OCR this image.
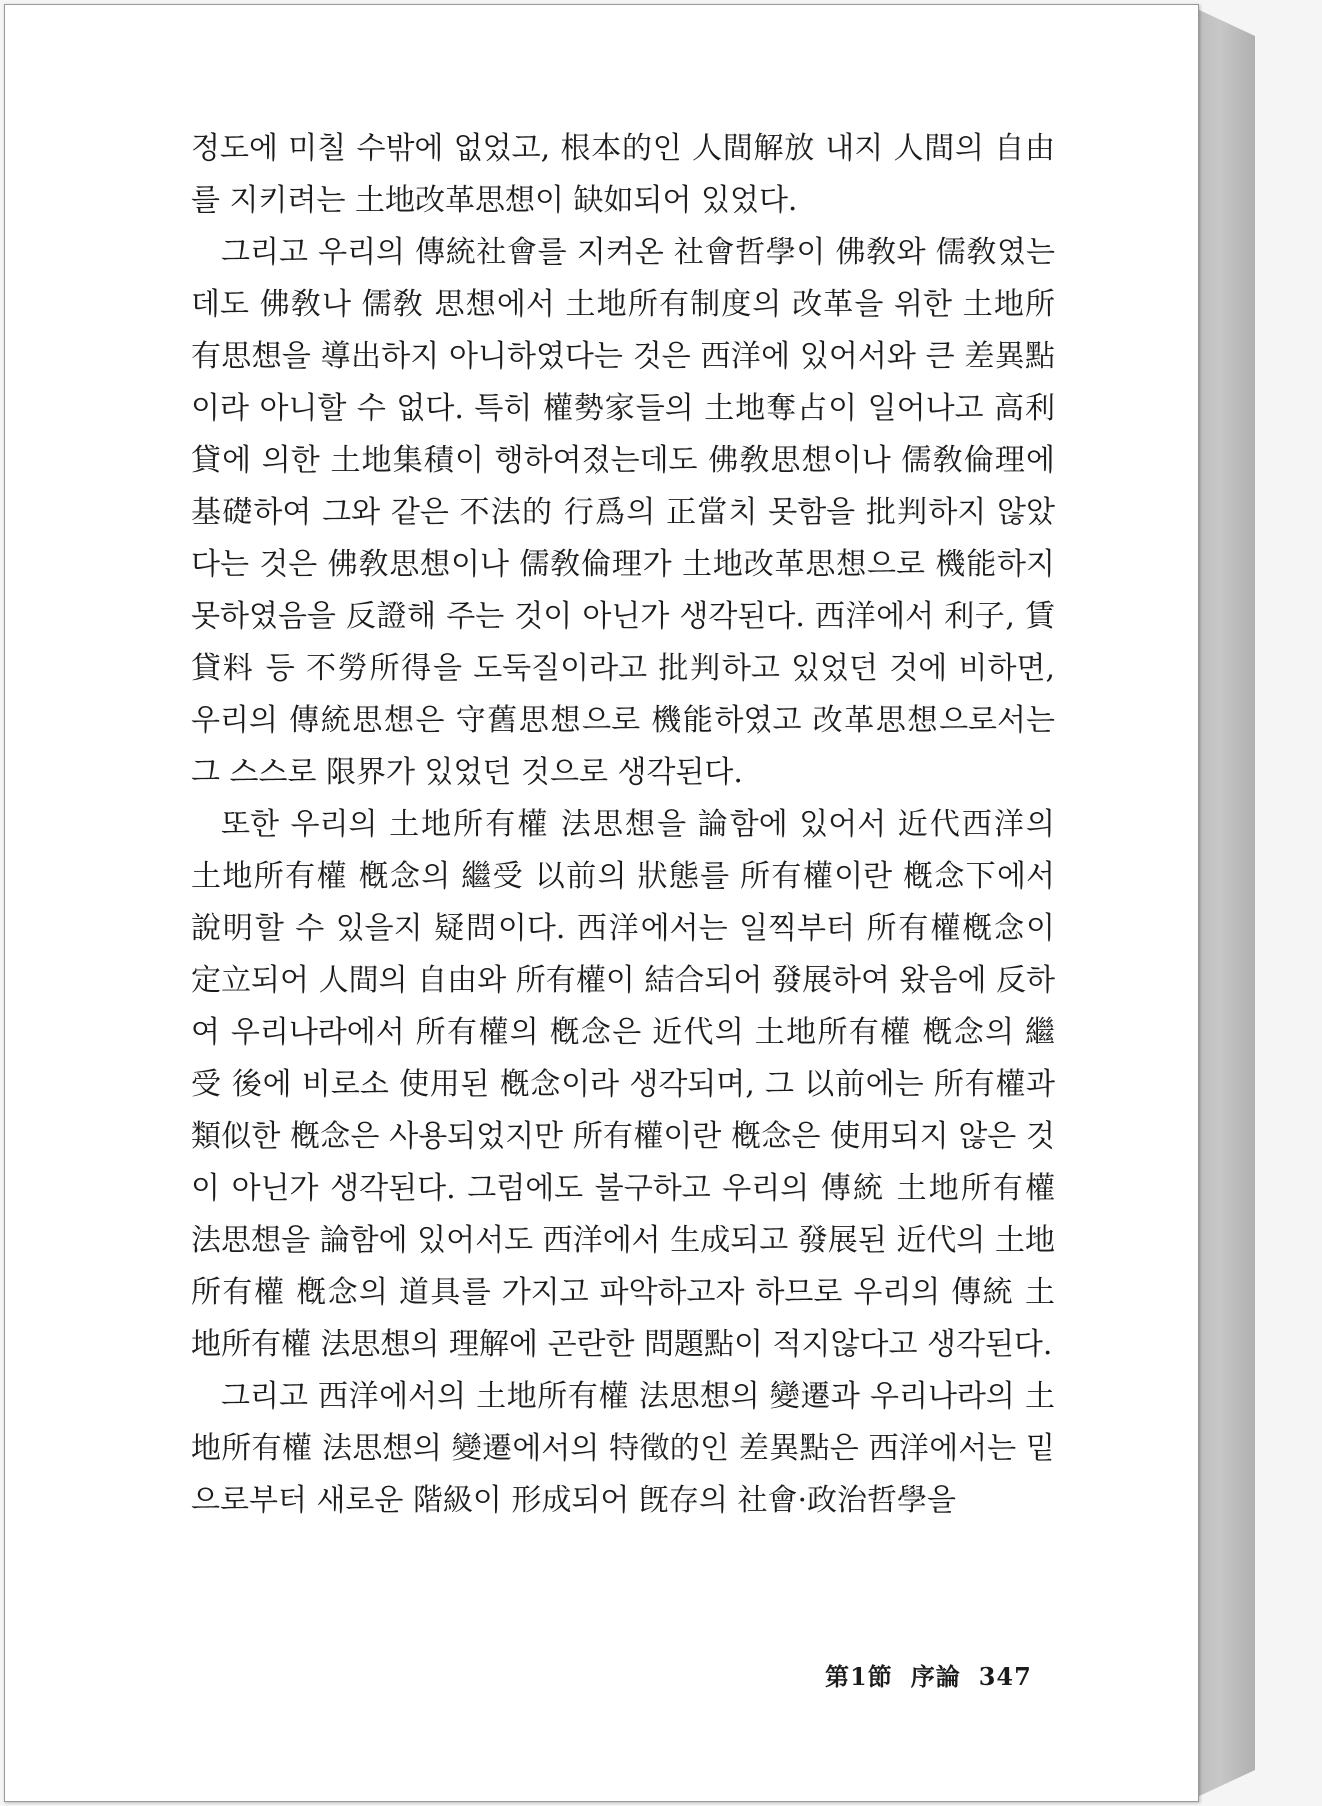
정도에 미칠 수밖에 없었고, 根本的인 人間解放 내지 人間의 自由를 지키려는 土地改革思想이 缺如되어 있었다.

그리고 우리의 傳統社會를 지켜온 社會哲學이 佛敎와 儒敎였는데도 佛敎나 儒敎 思想에서 土地所有制度의 改革을 위한 土地所有思想을 導出하지 아니하였다는 것은 西洋에 있어서와 큰 差異點이라 아니할 수 없다. 특히 權勢家들의 土地奪占이 일어나고 高利貸에 의한 土地集積이 행하여졌는데도 佛敎思想이나 儒敎倫理에 基礎하여 그와 같은 不法的 行爲의 正當치 못함을 批判하지 않았다는 것은 佛敎思想이나 儒敎倫理가 土地改革思想으로 機能하지 못하였음을 反證해 주는 것이 아닌가 생각된다. 西洋에서 利子, 賃貸料 등 不勞所得을 도둑질이라고 批判하고 있었던 것에 비하면, 우리의 傳統思想은 守舊思想으로 機能하였고 改革思想으로서는 그 스스로 限界가 있었던 것으로 생각된다.

또한 우리의 土地所有權 法思想을 論함에 있어서 近代西洋의 土地所有權 槪念의 繼受 以前의 狀態를 所有權이란 槪念下에서 說明할 수 있을지 疑問이다. 西洋에서는 일찍부터 所有權槪念이 定立되어 人間의 自由와 所有權이 結合되어 發展하여 왔음에 反하여 우리나라에서 所有權의 槪念은 近代의 土地所有權 槪念의 繼受 後에 비로소 使用된 槪念이라 생각되며, 그 以前에는 所有權과 類似한 槪念은 사용되었지만 所有權이란 槪念은 使用되지 않은 것이 아닌가 생각된다. 그럼에도 불구하고 우리의 傳統 土地所有權 法思想을 論함에 있어서도 西洋에서 生成되고 發展된 近代의 土地所有權 槪念의 道具를 가지고 파악하고자 하므로 우리의 傳統 土地所有權 法思想의 理解에 곤란한 問題點이 적지않다고 생각된다.

그리고 西洋에서의 土地所有權 法思想의 變遷과 우리나라의 土地所有權 法思想의 變遷에서의 特徵的인 差異點은 西洋에서는 밑으로부터 새로운 階級이 形成되어 旣存의 社會·政治哲學을

第1節 序論 347
